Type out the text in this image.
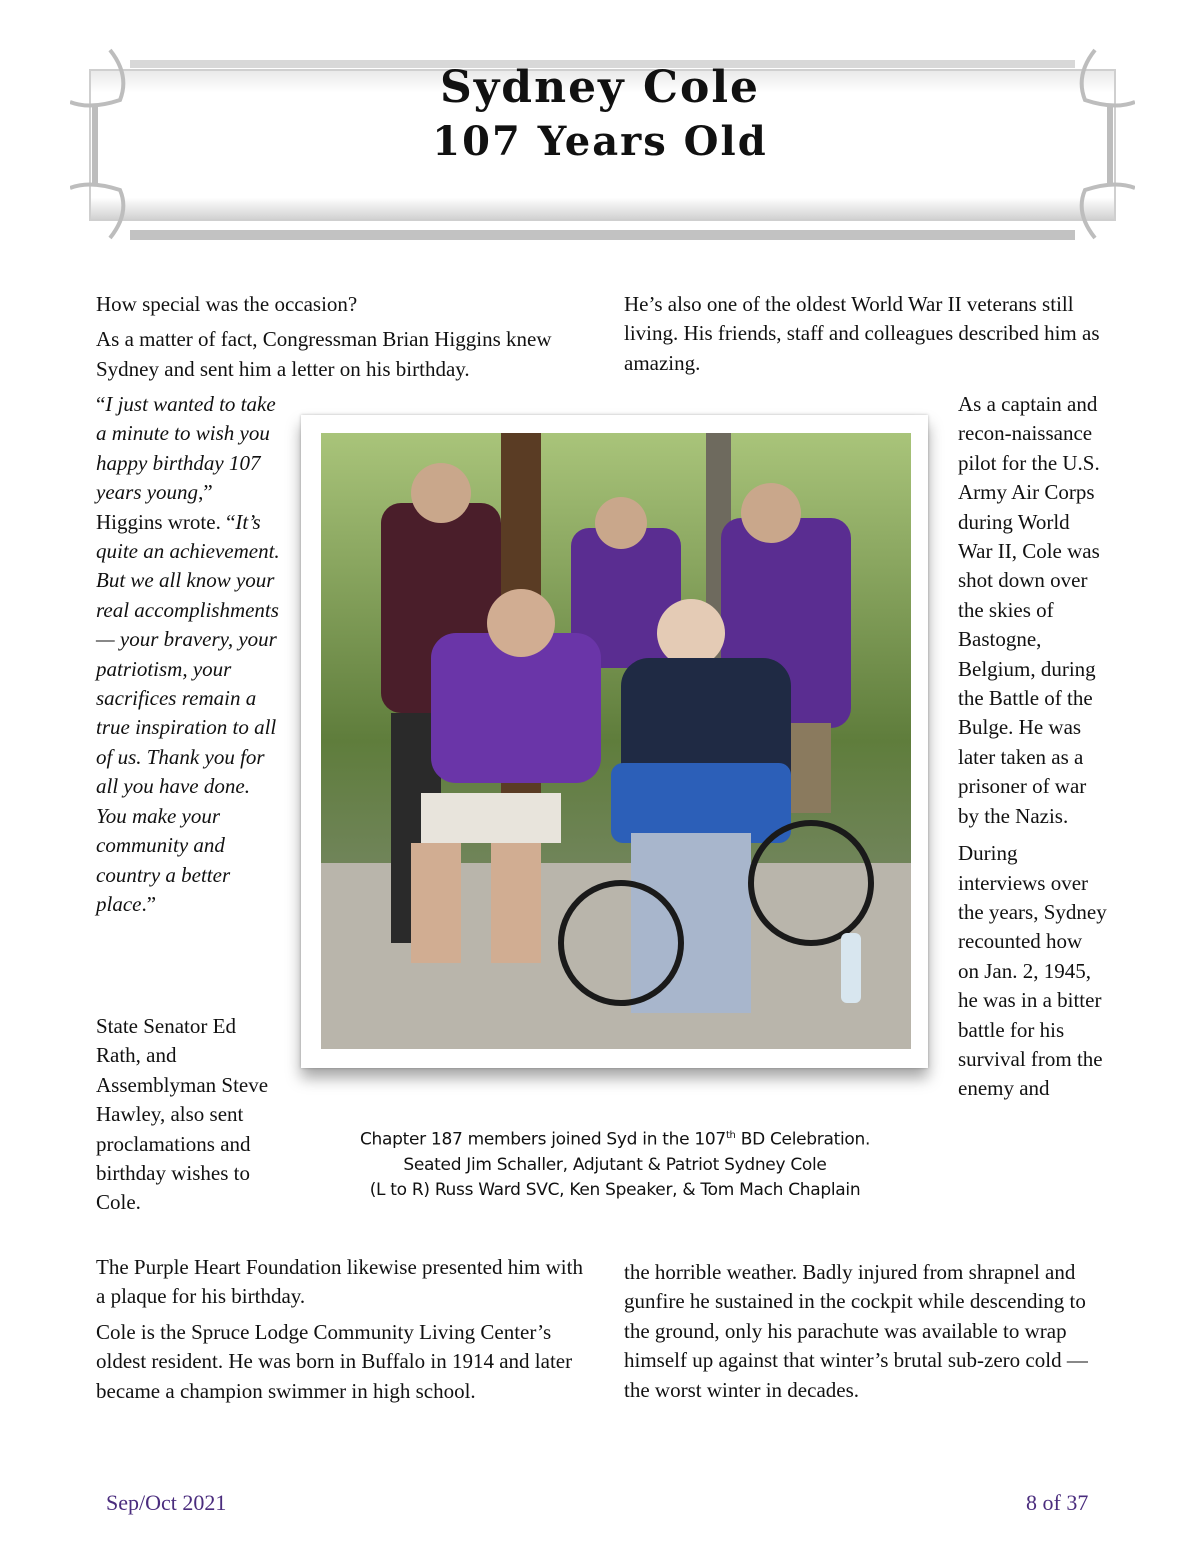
Sydney Cole
107 Years Old

How special was the occasion?

As a matter of fact, Congressman Brian Higgins knew Sydney and sent him a letter on his birthday.

He’s also one of the oldest World War II veterans still living. His friends, staff and colleagues described him as amazing.

“I just wanted to take a minute to wish you happy birthday 107 years young,” Higgins wrote. “It’s quite an achievement. But we all know your real accomplishments — your bravery, your patriotism, your sacrifices remain a true inspiration to all of us. Thank you for all you have done. You make your community and country a better place.”

State Senator Ed Rath, and Assemblyman Steve Hawley, also sent proclamations and birthday wishes to Cole.

As a captain and recon-naissance pilot for the U.S. Army Air Corps during World War II, Cole was shot down over the skies of Bastogne, Belgium, during the Battle of the Bulge. He was later taken as a prisoner of war by the Nazis.

During interviews over the years, Sydney recounted how on Jan. 2, 1945, he was in a bitter battle for his survival from the enemy and

Chapter 187 members joined Syd in the 107th BD Celebration.
Seated Jim Schaller, Adjutant & Patriot Sydney Cole
(L to R) Russ Ward SVC, Ken Speaker, & Tom Mach Chaplain

The Purple Heart Foundation likewise presented him with a plaque for his birthday.

Cole is the Spruce Lodge Community Living Center’s oldest resident. He was born in Buffalo in 1914 and later became a champion swimmer in high school.

the horrible weather. Badly injured from shrapnel and gunfire he sustained in the cockpit while descending to the ground, only his parachute was available to wrap himself up against that winter’s brutal sub-zero cold — the worst winter in decades.

Sep/Oct 2021	8 of 37
